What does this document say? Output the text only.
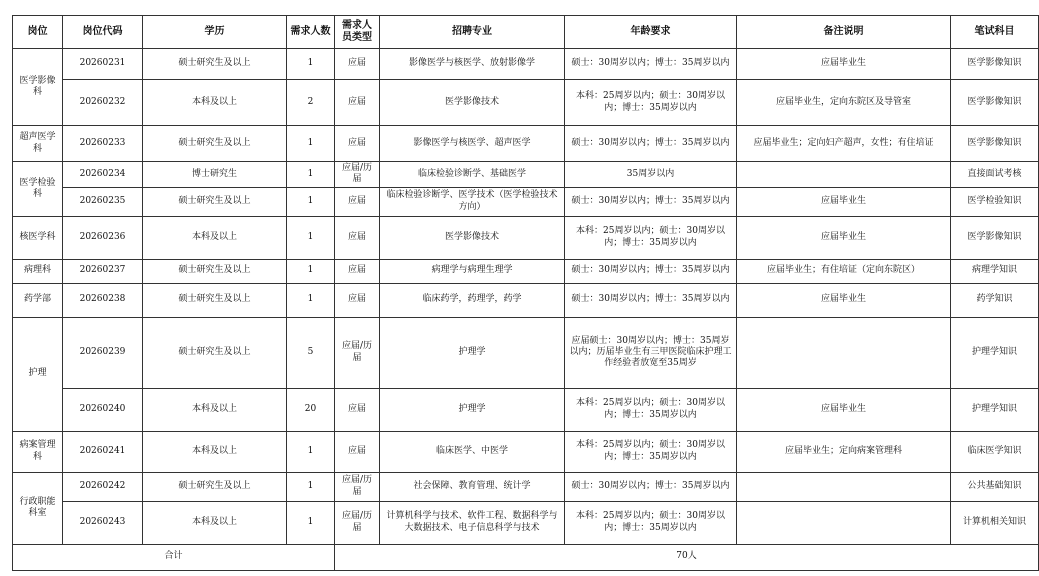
岗位	岗位代码	学历	需求人数	需求人员类型	招聘专业	年龄要求	备注说明	笔试科目
医学影像科	20260231	硕士研究生及以上	1	应届	影像医学与核医学、放射影像学	硕士：30周岁以内；博士：35周岁以内	应届毕业生	医学影像知识
	20260232	本科及以上	2	应届	医学影像技术	本科：25周岁以内；硕士：30周岁以内；博士：35周岁以内	应届毕业生，定向东院区及导管室	医学影像知识
超声医学科	20260233	硕士研究生及以上	1	应届	影像医学与核医学、超声医学	硕士：30周岁以内；博士：35周岁以内	应届毕业生；定向妇产超声，女性；有住培证	医学影像知识
医学检验科	20260234	博士研究生	1	应届/历届	临床检验诊断学、基础医学	35周岁以内		直接面试考核
	20260235	硕士研究生及以上	1	应届	临床检验诊断学、医学技术（医学检验技术方向）	硕士：30周岁以内；博士：35周岁以内	应届毕业生	医学检验知识
核医学科	20260236	本科及以上	1	应届	医学影像技术	本科：25周岁以内；硕士：30周岁以内；博士：35周岁以内	应届毕业生	医学影像知识
病理科	20260237	硕士研究生及以上	1	应届	病理学与病理生理学	硕士：30周岁以内；博士：35周岁以内	应届毕业生；有住培证（定向东院区）	病理学知识
药学部	20260238	硕士研究生及以上	1	应届	临床药学，药理学，药学	硕士：30周岁以内；博士：35周岁以内	应届毕业生	药学知识
护理	20260239	硕士研究生及以上	5	应届/历届	护理学	应届硕士：30周岁以内；博士：35周岁以内；历届毕业生有三甲医院临床护理工作经验者放宽至35周岁		护理学知识
	20260240	本科及以上	20	应届	护理学	本科：25周岁以内；硕士：30周岁以内；博士：35周岁以内	应届毕业生	护理学知识
病案管理科	20260241	本科及以上	1	应届	临床医学、中医学	本科：25周岁以内；硕士：30周岁以内；博士：35周岁以内	应届毕业生；定向病案管理科	临床医学知识
行政职能科室	20260242	硕士研究生及以上	1	应届/历届	社会保障、教育管理、统计学	硕士：30周岁以内；博士：35周岁以内		公共基础知识
	20260243	本科及以上	1	应届/历届	计算机科学与技术、软件工程、数据科学与大数据技术、电子信息科学与技术	本科：25周岁以内；硕士：30周岁以内；博士：35周岁以内		计算机相关知识
合计				70人				
